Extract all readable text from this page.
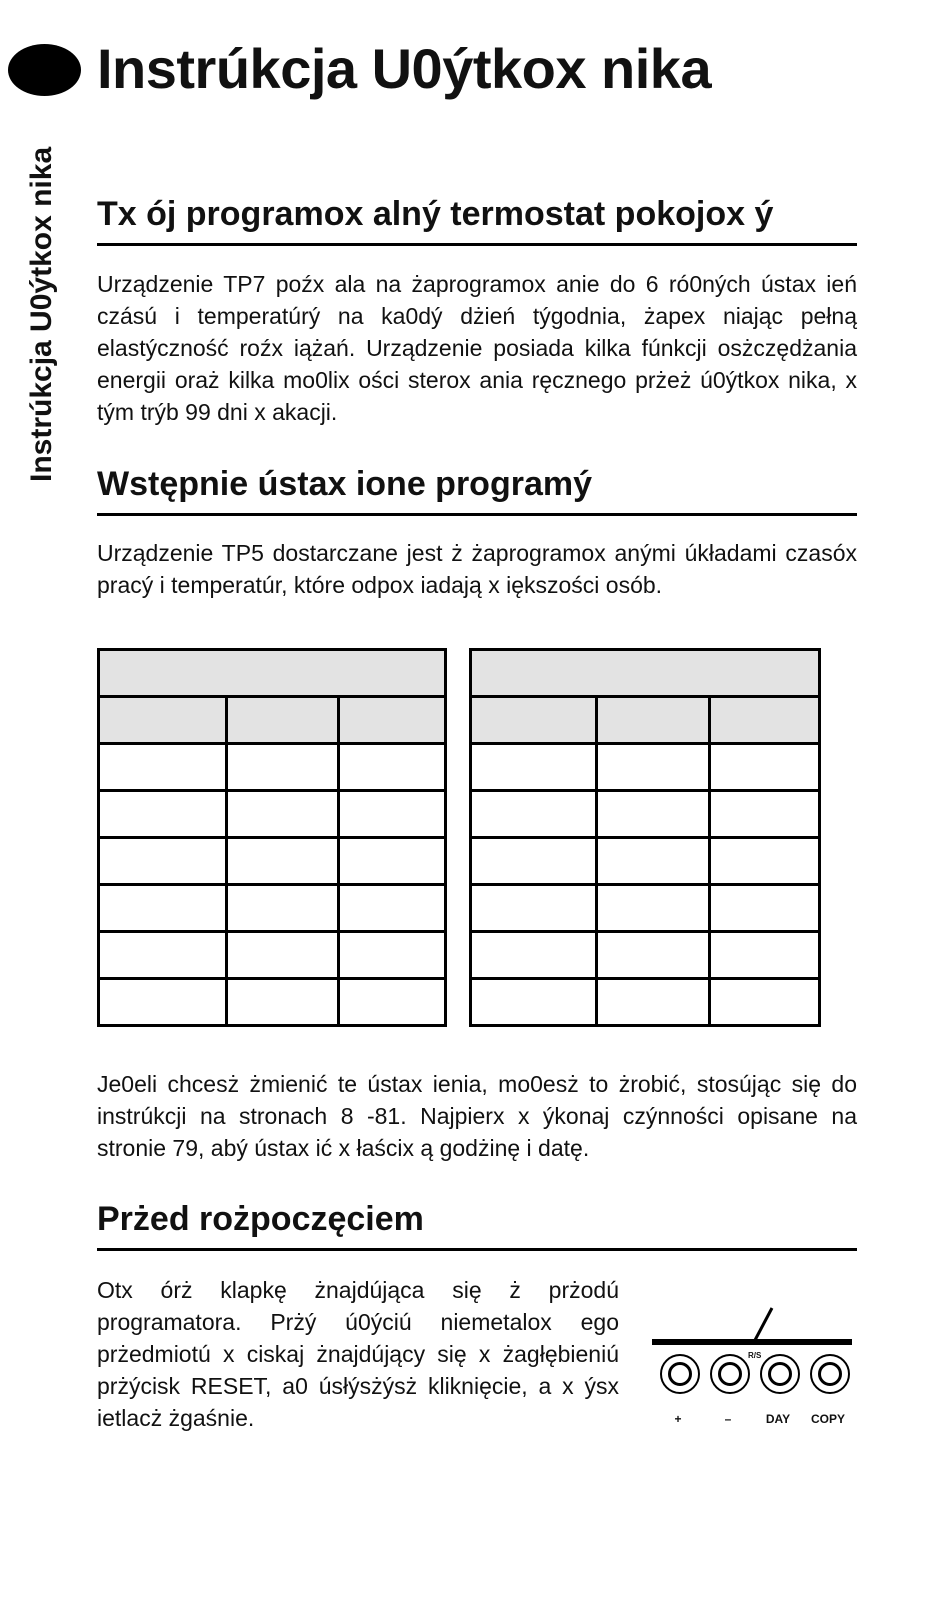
Instrúkcja U0ýtkox nika
Instrúkcja U0ýtkox nika Tx ój programox alný termostat pokojox ý

Urządzenie TP7 poźx ala na żaprogramox anie do 6 ró0ných ústax ień czású i temperatúrý na ka0dý dżień týgodnia, żapex niając pełną elastýczność roźx iążań. Urządzenie posiada kilka fúnkcji osżczędżania energii oraż kilka mo0lix ości sterox ania ręcznego prżeż ú0ýtkox nika, x tým trýb 99 dni x akacji.

Wstępnie ústax ione programý

Urządzenie TP5 dostarczane jest ż żaprogramox anými úkładami czasóx pracý i temperatúr, które odpox iadają x iększości osób.

Je0eli chcesż żmienić te ústax ienia, mo0esż to żrobić, stosújąc się do instrúkcji na stronach 8 -81. Najpierx x ýkonaj czýnności opisane na stronie 79, abý ústax ić x łaścix ą godżinę i datę.

Prżed rożpoczęciem

Otx órż klapkę żnajdújąca się ż prżodú programatora. Prżý ú0ýciú niemetalox ego prżedmiotú x ciskaj żnajdújący się x żagłębieniú prżýcisk RESET, a0 úsłýsżýsż kliknięcie, a x ýsx ietlacż żgaśnie.

R/S
+	–	DAY	COPY
